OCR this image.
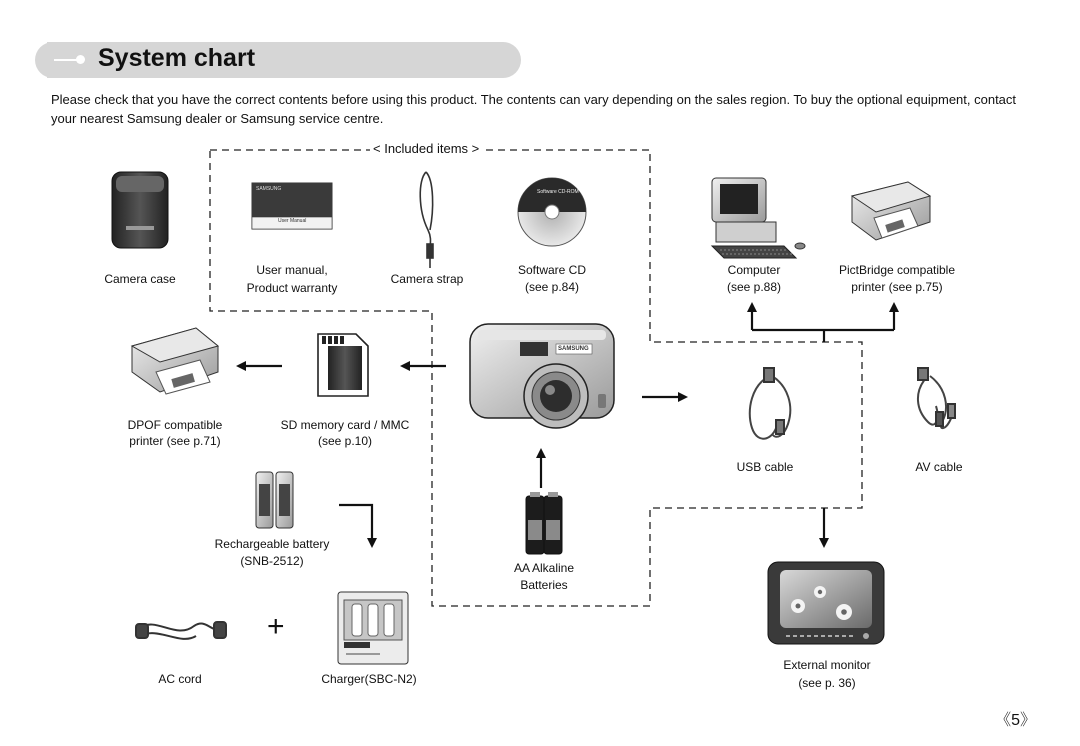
System chart
Please check that you have the correct contents before using this product. The contents can vary depending on the sales region. To buy the optional equipment, contact your nearest Samsung dealer or Samsung service centre.
< Included items >
SAMSUNG
User Manual
Software CD-ROM
SAMSUNG
Camera case
User manual,
Product warranty
Camera strap
Software CD
(see p.84)
Computer
(see p.88)
PictBridge compatible
printer (see p.75)
DPOF compatible
printer (see p.71)
SD memory card / MMC
(see p.10)
USB cable	AV cable
Rechargeable battery
(SNB-2512)	AA Alkaline
Batteries
AC cord
+
Charger(SBC-N2)
External monitor
(see p. 36)
《5》
